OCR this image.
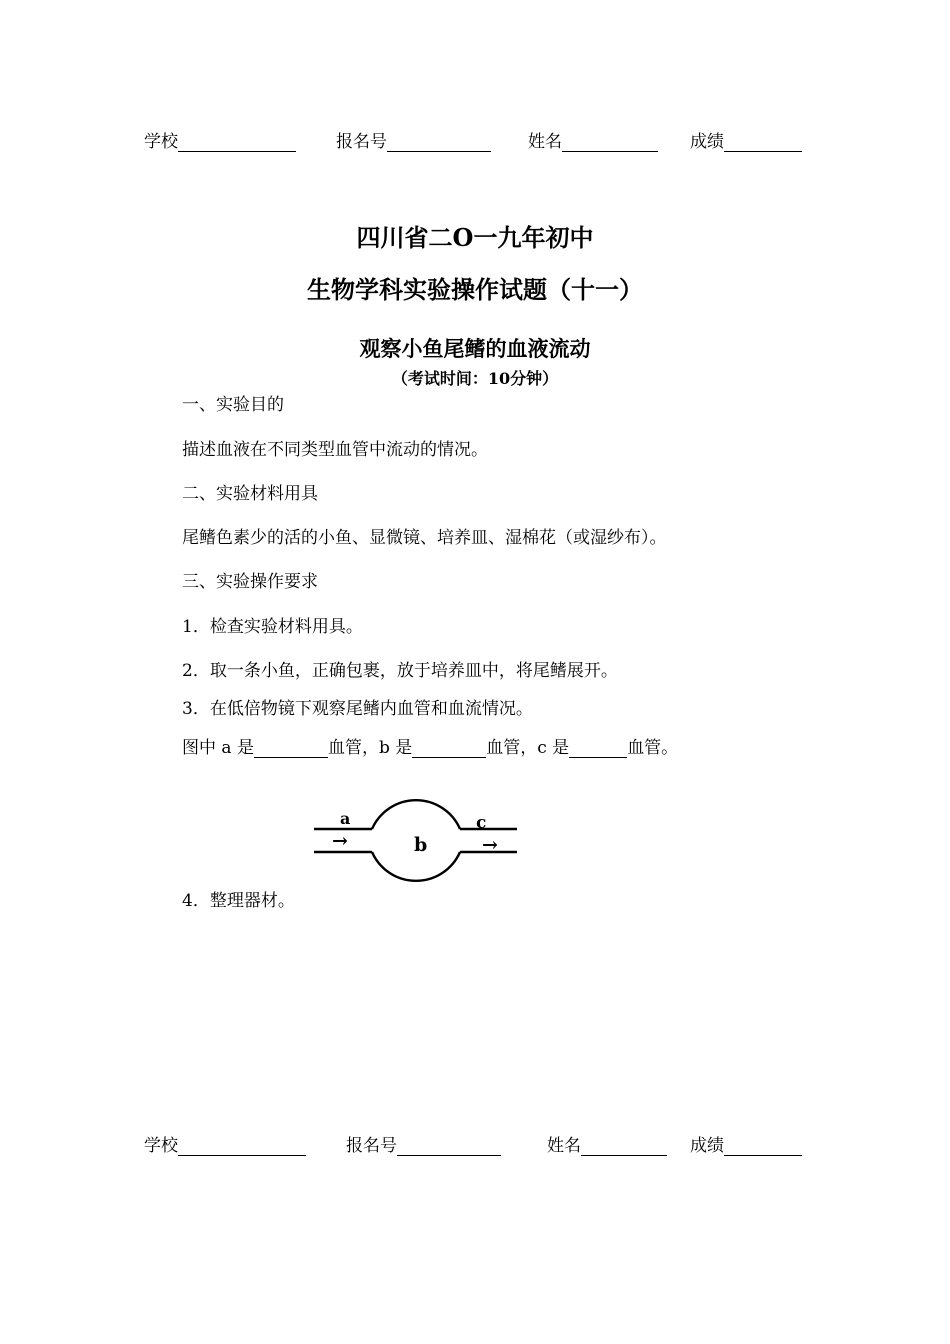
学校	报名号	姓名	成绩
四川省二O一九年初中
生物学科实验操作试题（十一）
观察小鱼尾鳍的血液流动
（考试时间：10分钟）
一、实验目的
描述血液在不同类型血管中流动的情况。
二、实验材料用具
尾鳍色素少的活的小鱼、显微镜、培养皿、湿棉花（或湿纱布）。
三、实验操作要求
1．检查实验材料用具。
2．取一条小鱼，正确包裹，放于培养皿中，将尾鳍展开。
3．在低倍物镜下观察尾鳍内血管和血流情况。
图中 a 是	血管，b 是	血管，c 是	血管。
a
→	b
c
→
4．整理器材。
学校	报名号	姓名	成绩
